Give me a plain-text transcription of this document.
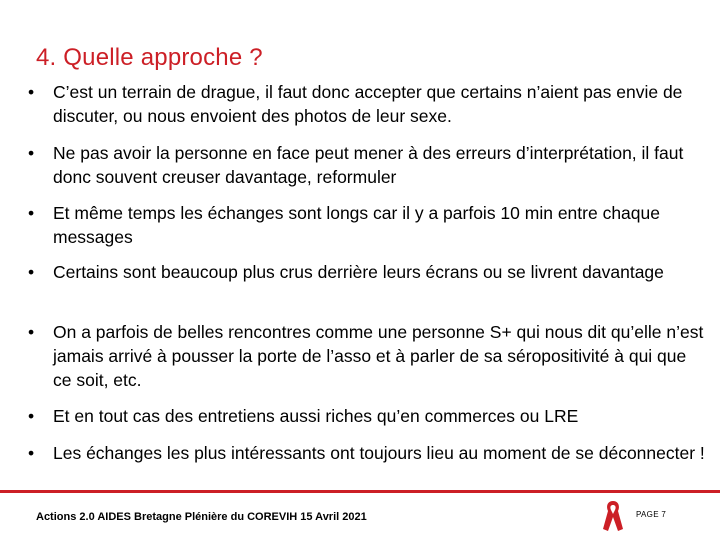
4. Quelle approche ?
• C’est un terrain de drague, il faut donc accepter que certains n’aient pas envie de discuter, ou nous envoient des photos de leur sexe.
• Ne pas avoir la personne en face peut mener à des erreurs d’interprétation, il faut donc souvent creuser davantage, reformuler
• Et même temps les échanges sont longs car il y a parfois 10 min entre chaque messages
• Certains sont beaucoup plus crus derrière leurs écrans ou se livrent davantage
• On a parfois de belles rencontres comme une personne S+ qui nous dit qu’elle n’est jamais arrivé à pousser la porte de l’asso et à parler de sa séropositivité à qui que ce soit, etc.
• Et en tout cas des entretiens aussi riches qu’en commerces ou LRE
• Les échanges les plus intéressants ont toujours lieu au moment de se déconnecter !
Actions 2.0 AIDES Bretagne Plénière du COREVIH 15 Avril 2021	PAGE 7
